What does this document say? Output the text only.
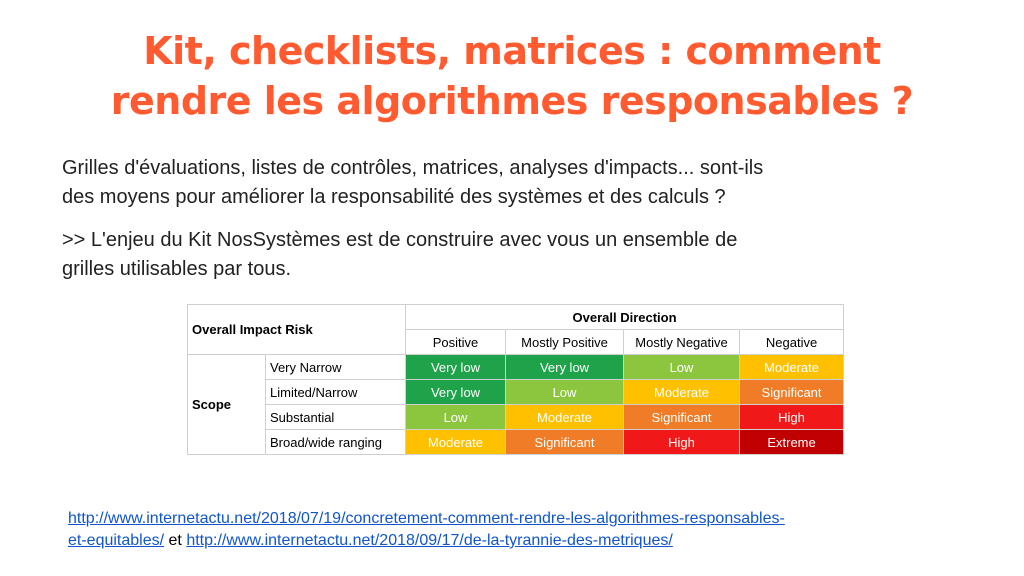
Kit, checklists, matrices : comment
rendre les algorithmes responsables ?
Grilles d'évaluations, listes de contrôles, matrices, analyses d'impacts... sont-ils
des moyens pour améliorer la responsabilité des systèmes et des calculs ?
>> L'enjeu du Kit NosSystèmes est de construire avec vous un ensemble de
grilles utilisables par tous.
Overall Impact Risk		Overall Direction			
		Positive	Mostly Positive	Mostly Negative	Negative
Scope	Very Narrow	Very low	Very low	Low	Moderate
	Limited/Narrow	Very low	Low	Moderate	Significant
	Substantial	Low	Moderate	Significant	High
	Broad/wide ranging	Moderate	Significant	High	Extreme
http://www.internetactu.net/2018/07/19/concretement-comment-rendre-les-algorithmes-responsables-
et-equitables/ et http://www.internetactu.net/2018/09/17/de-la-tyrannie-des-metriques/
